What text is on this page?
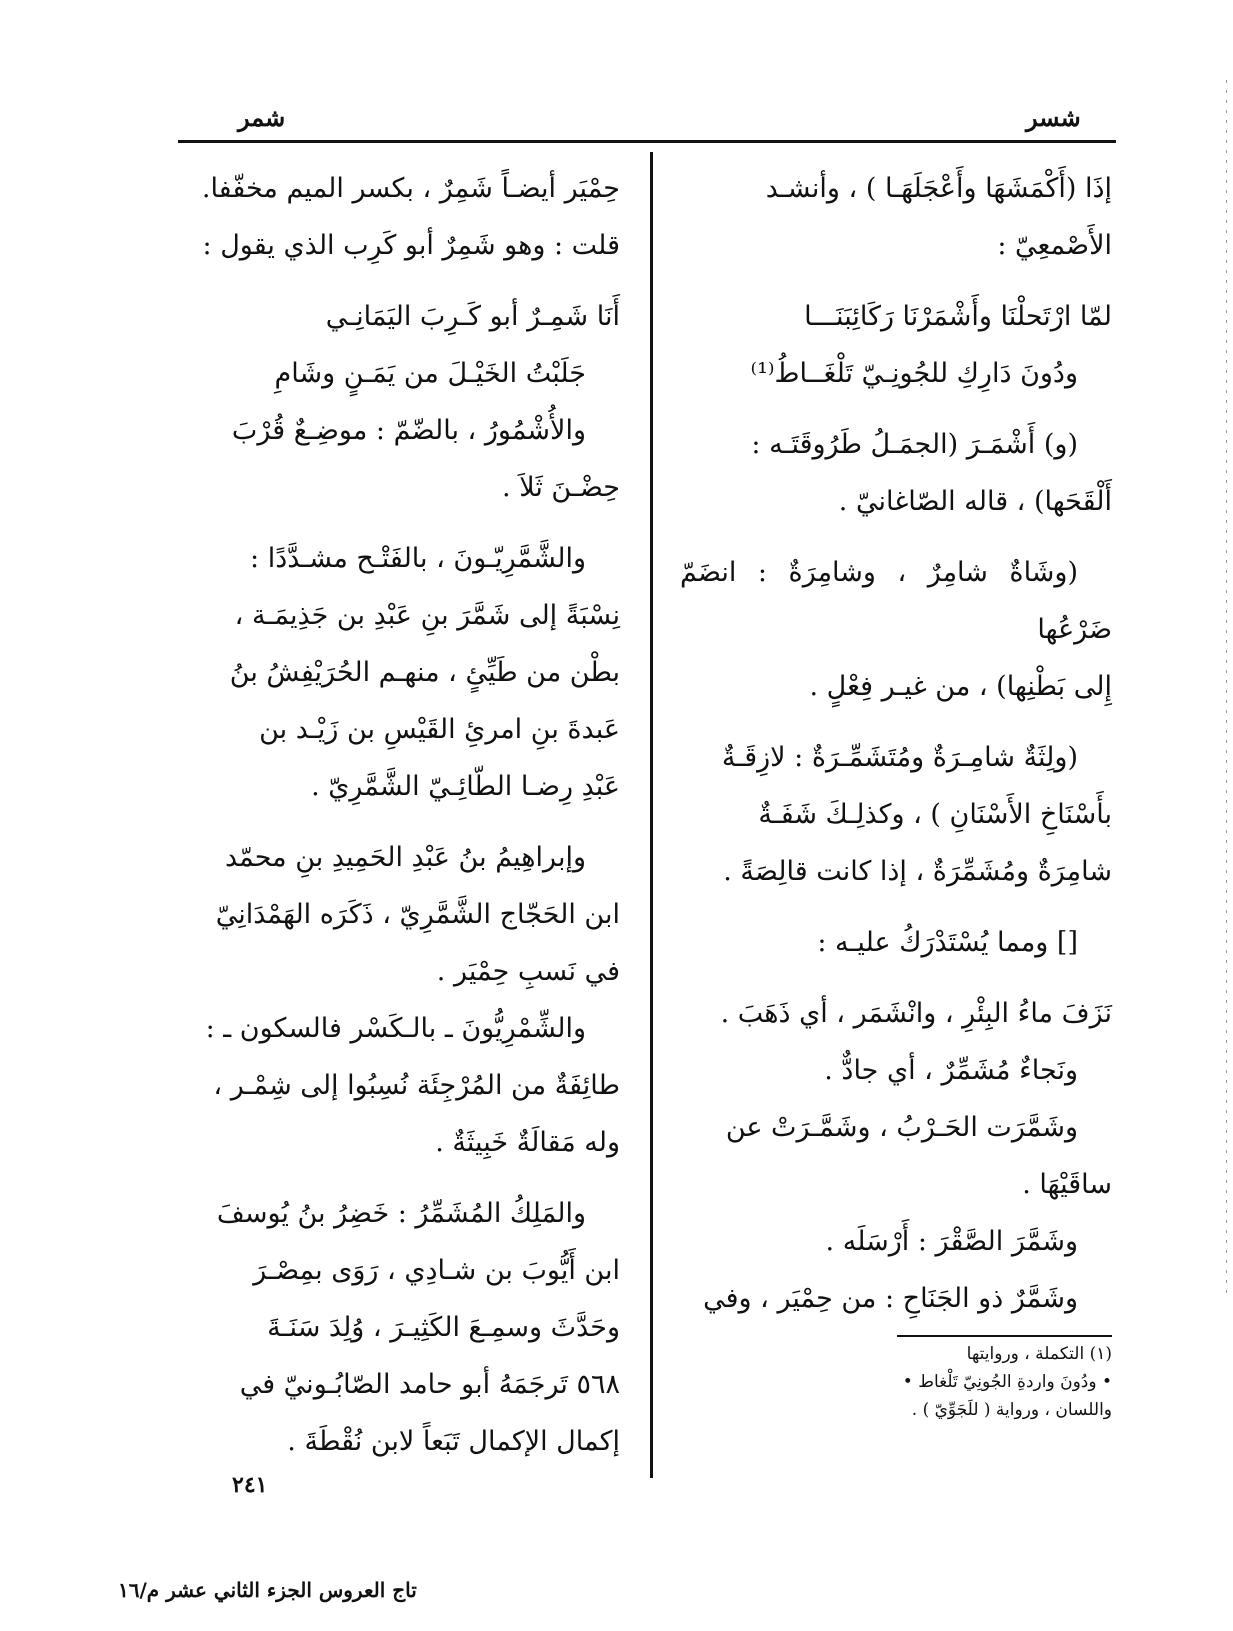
شسر
شمر

إذَا (أَكْمَشَهَا وأَعْجَلَهَـا ) ، وأنشـد

الأَصْمعِيّ :

لمّا ارْتَحلْنَا وأَشْمَرْنَا رَكَائِبَنَـــا

ودُونَ دَارِكِ للجُونِـيّ تَلْغَــاطُ⁽¹⁾

(و) أَشْمَـرَ (الجمَـلُ طَرُوقَتَـه :

أَلْقَحَها) ، قاله الصّاغانيّ .

(وشَاةٌ شامِرٌ ، وشامِرَةٌ : انضَمّ ضَرْعُها

إِلى بَطْنِها) ، من غيـر فِعْلٍ .

(ولِثَةٌ شامِـرَةٌ ومُتَشَمِّـرَةٌ : لازِقَـةٌ

بأَسْنَاخِ الأَسْنَانِ ) ، وكذلِـكَ شَفَـةٌ

شامِرَةٌ ومُشَمِّرَةٌ ، إذا كانت قالِصَةً .

[] ومما يُسْتَدْرَكُ عليـه :

نَزَفَ ماءُ البِئْرِ ، وانْشَمَر ، أي ذَهَبَ .

ونَجاءٌ مُشَمِّرٌ ، أي جادٌّ .

وشَمَّرَت الحَـرْبُ ، وشَمَّـرَتْ عن

ساقَيْهَا .

وشَمَّرَ الصَّقْرَ : أَرْسَلَه .

وشَمَّرٌ ذو الجَنَاحِ : من حِمْيَر ، وفي

حِمْيَر أيضـاً شَمِرٌ ، بكسر الميم مخفّفا.

قلت : وهو شَمِرٌ أبو كَرِب الذي يقول :

أَنَا شَمِـرٌ أبو كَـرِبَ اليَمَانِـي

جَلَبْتُ الخَيْـلَ من يَمَـنٍ وشَامِ

والأُشْمُورُ ، بالضّمّ : موضِـعٌ قُرْبَ

حِضْـنَ ثَلاَ .

والشَّمَّرِيّـونَ ، بالفَتْـح مشـدَّدًا :

نِسْبَةً إلى شَمَّرَ بنِ عَبْدِ بن جَذِيمَـة ،

بطْن من طَيِّئٍ ، منهـم الحُرَيْفِشُ بنُ

عَبدةَ بنِ امرئِ القَيْسِ بن زَيْـد بن

عَبْدِ رِضـا الطّائِـيّ الشَّمَّرِيّ .

وإبراهِيمُ بنُ عَبْدِ الحَمِيدِ بنِ محمّد

ابن الحَجّاج الشَّمَّرِيّ ، ذَكَرَه الهَمْدَانِيّ

في نَسبِ حِمْيَر .

والشِّمْرِيُّونَ ـ بالـكَسْر فالسكون ـ :

طائِفَةٌ من المُرْجِئَة نُسِبُوا إلى شِمْـر ،

وله مَقالَةٌ خَبِيثَةٌ .

والمَلِكُ المُشَمِّرُ : خَضِرُ بنُ يُوسفَ

ابن أَيُّوبَ بن شـادِي ، رَوَى بمِصْـرَ

وحَدَّثَ وسمِـعَ الكَثِيـرَ ، وُلِدَ سَنَـةَ

٥٦٨ تَرجَمَهُ أبو حامد الصّابُـونيّ في

إكمال الإكمال تَبَعاً لابن نُقْطَةَ .

(١) التكملة ، وروايتها
• ودُونَ واردةِ الجُونِيّ تَلْغاط •
واللسان ، ورواية ( للَجَوِّيّ ) .
٢٤١
تاج العروس الجزء الثاني عشر م/١٦
